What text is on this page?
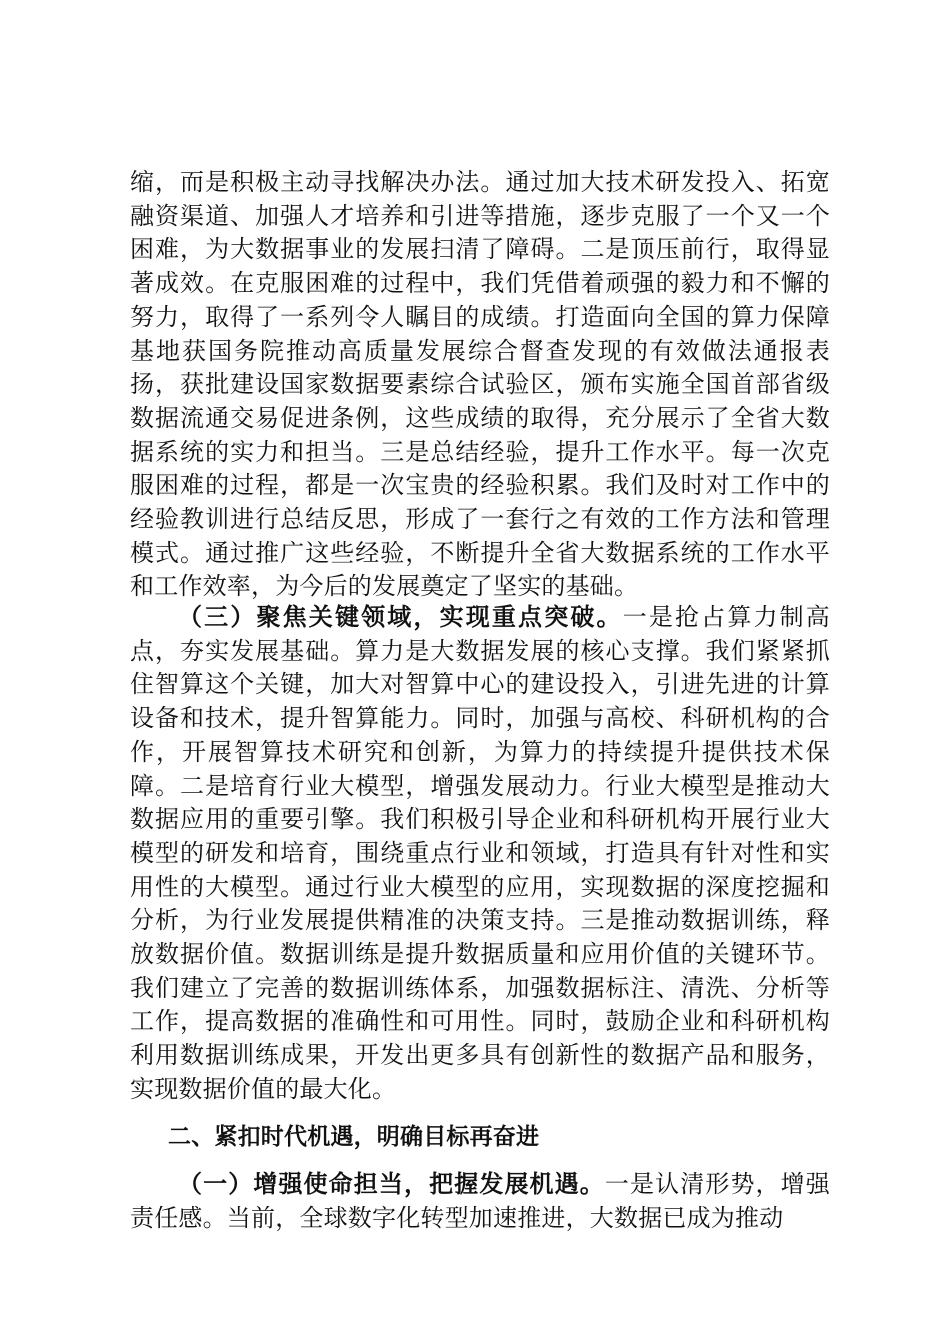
缩，而是积极主动寻找解决办法。通过加大技术研发投入、拓宽融资渠道、加强人才培养和引进等措施，逐步克服了一个又一个困难，为大数据事业的发展扫清了障碍。二是顶压前行，取得显著成效。在克服困难的过程中，我们凭借着顽强的毅力和不懈的努力，取得了一系列令人瞩目的成绩。打造面向全国的算力保障基地获国务院推动高质量发展综合督查发现的有效做法通报表扬，获批建设国家数据要素综合试验区，颁布实施全国首部省级数据流通交易促进条例，这些成绩的取得，充分展示了全省大数据系统的实力和担当。三是总结经验，提升工作水平。每一次克服困难的过程，都是一次宝贵的经验积累。我们及时对工作中的经验教训进行总结反思，形成了一套行之有效的工作方法和管理模式。通过推广这些经验，不断提升全省大数据系统的工作水平和工作效率，为今后的发展奠定了坚实的基础。

（三）聚焦关键领域，实现重点突破。一是抢占算力制高点，夯实发展基础。算力是大数据发展的核心支撑。我们紧紧抓住智算这个关键，加大对智算中心的建设投入，引进先进的计算设备和技术，提升智算能力。同时，加强与高校、科研机构的合作，开展智算技术研究和创新，为算力的持续提升提供技术保障。二是培育行业大模型，增强发展动力。行业大模型是推动大数据应用的重要引擎。我们积极引导企业和科研机构开展行业大模型的研发和培育，围绕重点行业和领域，打造具有针对性和实用性的大模型。通过行业大模型的应用，实现数据的深度挖掘和分析，为行业发展提供精准的决策支持。三是推动数据训练，释放数据价值。数据训练是提升数据质量和应用价值的关键环节。我们建立了完善的数据训练体系，加强数据标注、清洗、分析等工作，提高数据的准确性和可用性。同时，鼓励企业和科研机构利用数据训练成果，开发出更多具有创新性的数据产品和服务，实现数据价值的最大化。

二、紧扣时代机遇，明确目标再奋进

（一）增强使命担当，把握发展机遇。一是认清形势，增强责任感。当前，全球数字化转型加速推进，大数据已成为推动
